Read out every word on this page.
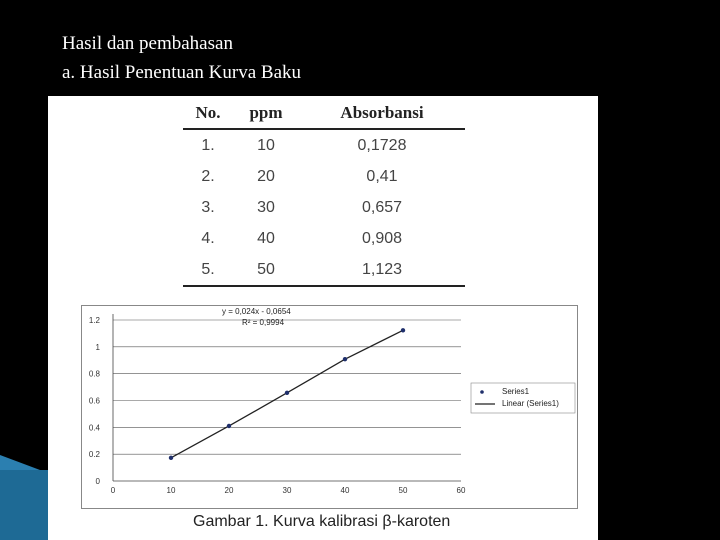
Hasil dan pembahasan
a. Hasil Penentuan Kurva Baku
No.	ppm	Absorbansi
1.	10	0,1728
2.	20	0,41
3.	30	0,657
4.	40	0,908
5.	50	1,123
0
0.2
0.4
0.6
0.8
1
1.2
0	10	20	30	40	50	60
y = 0,024x - 0,0654
R² = 0,9994
Series1
Linear (Series1)
Gambar 1. Kurva kalibrasi β-karoten
